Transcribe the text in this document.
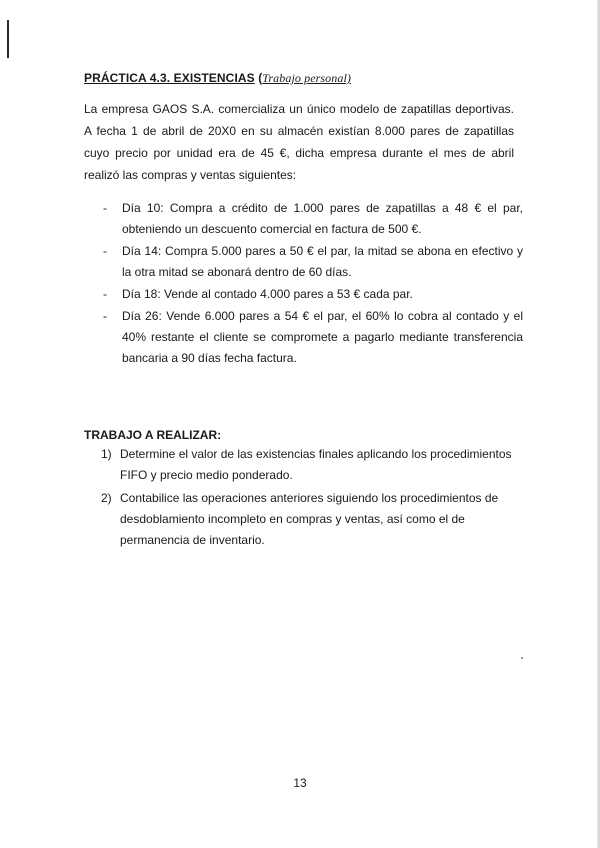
PRÁCTICA 4.3. EXISTENCIAS (Trabajo personal)

La empresa GAOS S.A. comercializa un único modelo de zapatillas deportivas. A fecha 1 de abril de 20X0 en su almacén existían 8.000 pares de zapatillas cuyo precio por unidad era de 45 €, dicha empresa durante el mes de abril realizó las compras y ventas siguientes:

- Día 10: Compra a crédito de 1.000 pares de zapatillas a 48 € el par, obteniendo un descuento comercial en factura de 500 €.
- Día 14: Compra 5.000 pares a 50 € el par, la mitad se abona en efectivo y la otra mitad se abonará dentro de 60 días.
- Día 18: Vende al contado 4.000 pares a 53 € cada par.
- Día 26: Vende 6.000 pares a 54 € el par, el 60% lo cobra al contado y el 40% restante el cliente se compromete a pagarlo mediante transferencia bancaria a 90 días fecha factura.
TRABAJO A REALIZAR:
1) Determine el valor de las existencias finales aplicando los procedimientos FIFO y precio medio ponderado.
2) Contabilice las operaciones anteriores siguiendo los procedimientos de desdoblamiento incompleto en compras y ventas, así como el de permanencia de inventario.
13
